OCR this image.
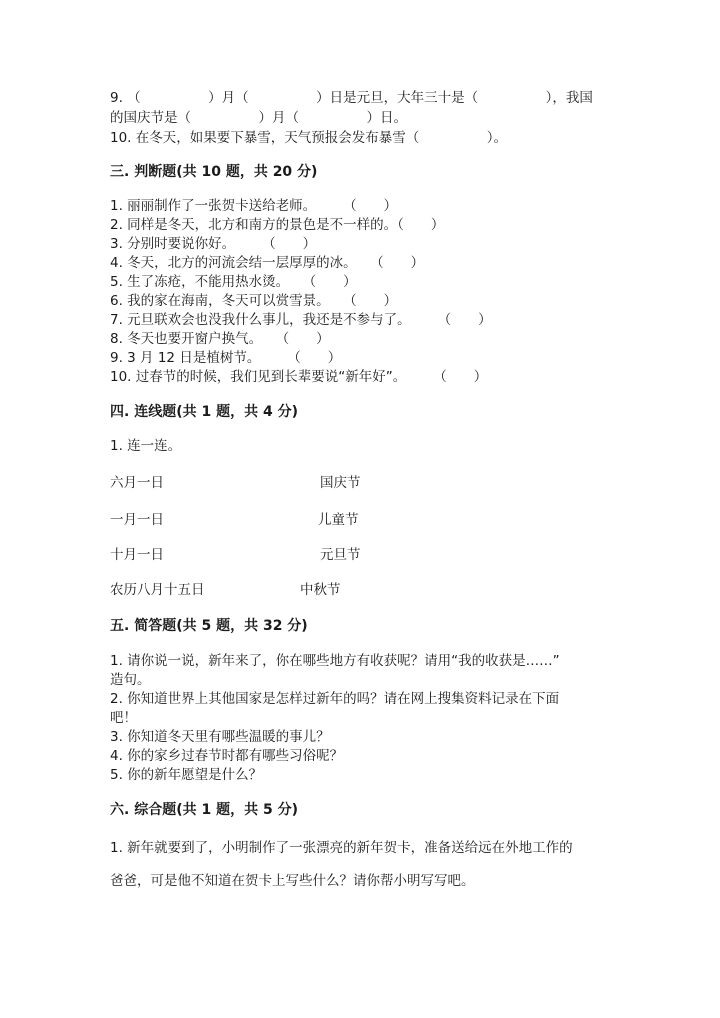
9. （　　　　　）月（　　　　　）日是元旦，大年三十是（　　　　　），我国
的国庆节是（　　　　　）月（　　　　　）日。
10. 在冬天，如果要下暴雪，天气预报会发布暴雪（　　　　　）。
三. 判断题(共 10 题，共 20 分)
1. 丽丽制作了一张贺卡送给老师。　　　（　　）
2. 同样是冬天，北方和南方的景色是不一样的。（　　）
3. 分别时要说你好。　　　（　　）
4. 冬天，北方的河流会结一层厚厚的冰。　　（　　）
5. 生了冻疮，不能用热水烫。　　（　　）
6. 我的家在海南，冬天可以赏雪景。　　（　　）
7. 元旦联欢会也没我什么事儿，我还是不参与了。　　　（　　）
8. 冬天也要开窗户换气。　　（　　）
9. 3 月 12 日是植树节。　　　（　　）
10. 过春节的时候，我们见到长辈要说“新年好”。　　　（　　）
四. 连线题(共 1 题，共 4 分)
1. 连一连。
六月一日	国庆节
一月一日	儿童节
十月一日	元旦节
农历八月十五日	中秋节
五. 简答题(共 5 题，共 32 分)
1. 请你说一说，新年来了，你在哪些地方有收获呢？请用“我的收获是……”
造句。
2. 你知道世界上其他国家是怎样过新年的吗？请在网上搜集资料记录在下面
吧！
3. 你知道冬天里有哪些温暖的事儿？
4. 你的家乡过春节时都有哪些习俗呢？
5. 你的新年愿望是什么？
六. 综合题(共 1 题，共 5 分)
1. 新年就要到了，小明制作了一张漂亮的新年贺卡，准备送给远在外地工作的
爸爸，可是他不知道在贺卡上写些什么？请你帮小明写写吧。
